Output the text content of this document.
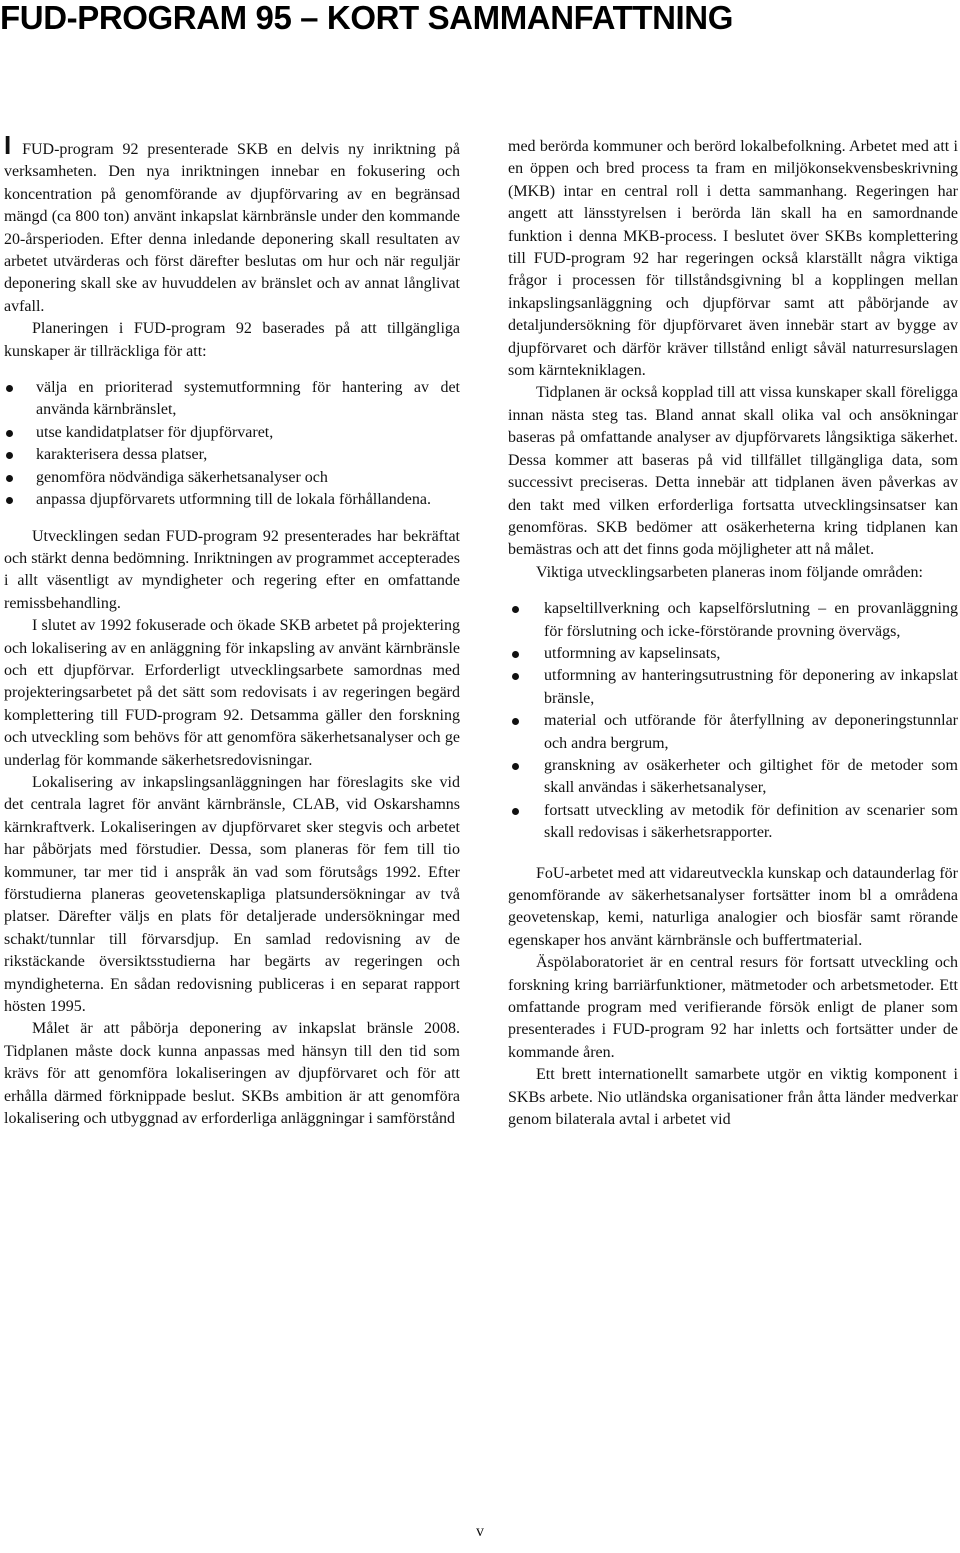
FUD-PROGRAM 95 – KORT SAMMANFATTNING

I FUD-program 92 presenterade SKB en delvis ny inriktning på verksamheten. Den nya inriktningen innebar en fokusering och koncentration på genomförande av djupförvaring av en begränsad mängd (ca 800 ton) använt inkapslat kärnbränsle under den kommande 20-årsperioden. Efter denna inledande deponering skall resultaten av arbetet utvärderas och först därefter beslutas om hur och när reguljär deponering skall ske av huvuddelen av bränslet och av annat långlivat avfall.

Planeringen i FUD-program 92 baserades på att tillgängliga kunskaper är tillräckliga för att:

välja en prioriterad systemutformning för hantering av det använda kärnbränslet,
utse kandidatplatser för djupförvaret,
karakterisera dessa platser,
genomföra nödvändiga säkerhetsanalyser och
anpassa djupförvarets utformning till de lokala förhållandena.

Utvecklingen sedan FUD-program 92 presenterades har bekräftat och stärkt denna bedömning. Inriktningen av programmet accepterades i allt väsentligt av myndigheter och regering efter en omfattande remissbehandling.

I slutet av 1992 fokuserade och ökade SKB arbetet på projektering och lokalisering av en anläggning för inkapsling av använt kärnbränsle och ett djupförvar. Erforderligt utvecklingsarbete samordnas med projekteringsarbetet på det sätt som redovisats i av regeringen begärd komplettering till FUD-program 92. Detsamma gäller den forskning och utveckling som behövs för att genomföra säkerhetsanalyser och ge underlag för kommande säkerhetsredovisningar.

Lokalisering av inkapslingsanläggningen har föreslagits ske vid det centrala lagret för använt kärnbränsle, CLAB, vid Oskarshamns kärnkraftverk. Lokaliseringen av djupförvaret sker stegvis och arbetet har påbörjats med förstudier. Dessa, som planeras för fem till tio kommuner, tar mer tid i anspråk än vad som förutsågs 1992. Efter förstudierna planeras geovetenskapliga platsundersökningar av två platser. Därefter väljs en plats för detaljerade undersökningar med schakt/tunnlar till förvarsdjup. En samlad redovisning av de rikstäckande översiktsstudierna har begärts av regeringen och myndigheterna. En sådan redovisning publiceras i en separat rapport hösten 1995.

Målet är att påbörja deponering av inkapslat bränsle 2008. Tidplanen måste dock kunna anpassas med hänsyn till den tid som krävs för att genomföra lokaliseringen av djupförvaret och för att erhålla därmed förknippade beslut. SKBs ambition är att genomföra lokalisering och utbyggnad av erforderliga anläggningar i samförstånd

med berörda kommuner och berörd lokalbefolkning. Arbetet med att i en öppen och bred process ta fram en miljökonsekvensbeskrivning (MKB) intar en central roll i detta sammanhang. Regeringen har angett att länsstyrelsen i berörda län skall ha en samordnande funktion i denna MKB-process. I beslutet över SKBs komplettering till FUD-program 92 har regeringen också klarställt några viktiga frågor i processen för tillståndsgivning bl a kopplingen mellan inkapslingsanläggning och djupförvar samt att påbörjande av detaljundersökning för djupförvaret även innebär start av bygge av djupförvaret och därför kräver tillstånd enligt såväl naturresurslagen som kärntekniklagen.

Tidplanen är också kopplad till att vissa kunskaper skall föreligga innan nästa steg tas. Bland annat skall olika val och ansökningar baseras på omfattande analyser av djupförvarets långsiktiga säkerhet. Dessa kommer att baseras på vid tillfället tillgängliga data, som successivt preciseras. Detta innebär att tidplanen även påverkas av den takt med vilken erforderliga fortsatta utvecklingsinsatser kan genomföras. SKB bedömer att osäkerheterna kring tidplanen kan bemästras och att det finns goda möjligheter att nå målet.

Viktiga utvecklingsarbeten planeras inom följande områden:

kapseltillverkning och kapselförslutning – en provanläggning för förslutning och icke-förstörande provning övervägs,
utformning av kapselinsats,
utformning av hanteringsutrustning för deponering av inkapslat bränsle,
material och utförande för återfyllning av deponeringstunnlar och andra bergrum,
granskning av osäkerheter och giltighet för de metoder som skall användas i säkerhetsanalyser,
fortsatt utveckling av metodik för definition av scenarier som skall redovisas i säkerhetsrapporter.

FoU-arbetet med att vidareutveckla kunskap och dataunderlag för genomförande av säkerhetsanalyser fortsätter inom bl a områdena geovetenskap, kemi, naturliga analogier och biosfär samt rörande egenskaper hos använt kärnbränsle och buffertmaterial.

Äspölaboratoriet är en central resurs för fortsatt utveckling och forskning kring barriärfunktioner, mätmetoder och arbetsmetoder. Ett omfattande program med verifierande försök enligt de planer som presenterades i FUD-program 92 har inletts och fortsätter under de kommande åren.

Ett brett internationellt samarbete utgör en viktig komponent i SKBs arbete. Nio utländska organisationer från åtta länder medverkar genom bilaterala avtal i arbetet vid

v
